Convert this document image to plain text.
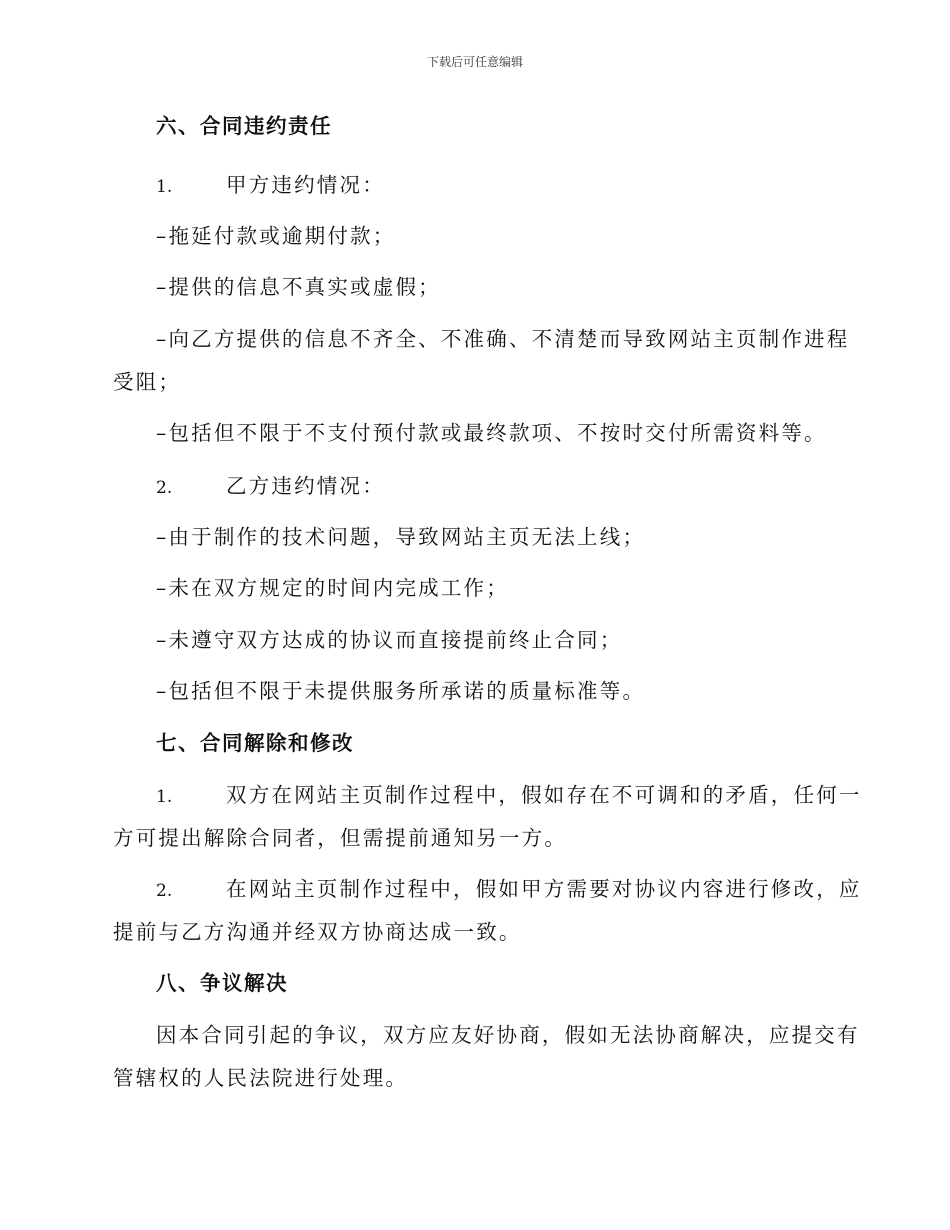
下载后可任意编辑
六、合同违约责任
1.	甲方违约情况：
–拖延付款或逾期付款；
–提供的信息不真实或虚假；
–向乙方提供的信息不齐全、不准确、不清楚而导致网站主页制作进程
受阻；
–包括但不限于不支付预付款或最终款项、不按时交付所需资料等。
2.	乙方违约情况：
–由于制作的技术问题，导致网站主页无法上线；
–未在双方规定的时间内完成工作；
–未遵守双方达成的协议而直接提前终止合同；
–包括但不限于未提供服务所承诺的质量标准等。
七、合同解除和修改
1.	双方在网站主页制作过程中，假如存在不可调和的矛盾，任何一
方可提出解除合同者，但需提前通知另一方。
2.	在网站主页制作过程中，假如甲方需要对协议内容进行修改，应
提前与乙方沟通并经双方协商达成一致。
八、争议解决
因本合同引起的争议，双方应友好协商，假如无法协商解决，应提交有
管辖权的人民法院进行处理。
